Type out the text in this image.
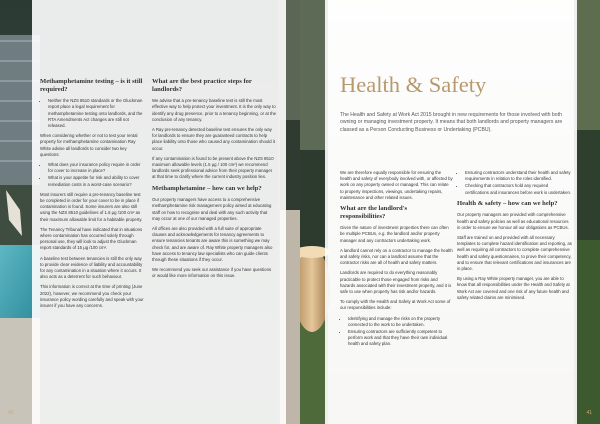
Methamphetamine testing – is it still required?
• Neither the NZS 8510 standards or the Gluckman report place a legal requirement for methamphetamine testing onto landlords, and the RTA Amendments Act changes are still not released.

When considering whether or not to test your rental property for methamphetamine contamination Ray White advise all landlords to consider two key questions:

• What does your insurance policy require in order for cover to increase in place?
• What is your appetite for risk and ability to cover remediation costs in a worst-case scenario?

Most insurers still require a pre-tenancy baseline test be completed in order for your cover to be in place if contamination is found. Some insurers are also still using the NZS 8510 guidelines of 1.5 μg /100 cm² as their maximum allowable limit for a habitable property.

The Tenancy Tribunal have indicated that in situations where contamination has occurred solely through personal use, they will look to adjust the Gluckman report standards of 15 μg /100 cm².

A baseline test between tenancies is still the only way to provide clear evidence of liability and accountability for any contamination in a situation where it occurs. It also acts as a deterrent for such behaviour.

This information is correct at the time of printing (June 2022), however, we recommend you check your insurance policy wording carefully and speak with your insurer if you have any concerns.

What are the best practice steps for landlords?

We advise that a pre-tenancy baseline test is still the most effective way to help protect your investment. It is the only way to identify any drug presence, prior to a tenancy beginning, or at the conclusion of any tenancy.

A Ray pre-tenancy detected baseline test ensures the only way for landlords to ensure they are guaranteed contracts to help place liability onto those who caused any contamination should it occur.

If any contamination is found to be present above the NZS 8510 maximum allowable levels (1.5 μg / 100 cm²) we recommend landlords seek professional advice from their property manager at that time to clarify where the current industry position lies.

Methamphetamine – how can we help?

Our property managers have access to a comprehensive methamphetamine risk management policy aimed at educating staff on how to recognise and deal with any such activity that may occur at one of our managed properties.

All offices are also provided with a full suite of appropriate clauses and acknowledgements for tenancy agreements to ensure tenancies tenants are aware this is something we may check for, and are aware of. Ray White property managers also have access to tenancy law specialists who can guide clients through these situations if they occur.

We recommend you seek our assistance if you have questions or would like more information on this issue.

40
Health & Safety
The Health and Safety at Work Act 2015 brought in new requirements for those involved with both owning or managing investment property. It means that both landlords and property managers are classed as a Person Conducting Business or Undertaking (PCBU).

We are therefore equally responsible for ensuring the health and safety of everybody involved with, or affected by work on any property owned or managed. This can relate to property inspections, viewings, undertaking repairs, maintenance and other related issues.

What are the landlord's responsibilities?

Given the nature of investment properties there can often be multiple PCBUs, e.g. the landlord and/or property manager and any contractors undertaking work.

A landlord cannot rely on a contractor to manage the health and safety risks, nor can a landlord assume that the contractor risks are all of health and safety matters.

Landlords are required to do everything reasonably practicable to protect those engaged from risks and hazards associated with their investment property, and it is safe to use when property has risk and/or hazards.

To comply with the Health and Safety at Work Act some of our responsibilities include:

• Identifying and manage the risks on the property connected to the work to be undertaken.
• Ensuring contractors are sufficiently competent to perform work and that they have their own individual health and safety plan.
• Ensuring contractors understand their health and safety requirements in relation to the roles identified.
• Checking that contractors hold any required certifications and insurances before work is undertaken.
Health & safety – how can we help?

Our property managers are provided with comprehensive health and safety policies as well as educational resources in order to ensure we honour all our obligations as PCBUs.

Staff are trained on and provided with all necessary templates to complete hazard identification and reporting, as well as requiring all contractors to complete comprehensive health and safety questionnaires, to prove their competency, and to ensure that relevant certifications and insurances are in place.

By using a Ray White property manager, you are able to know that all responsibilities under the Health and Safety at Work Act are covered and one risk of any future health and safety related claims are minimised.

41
